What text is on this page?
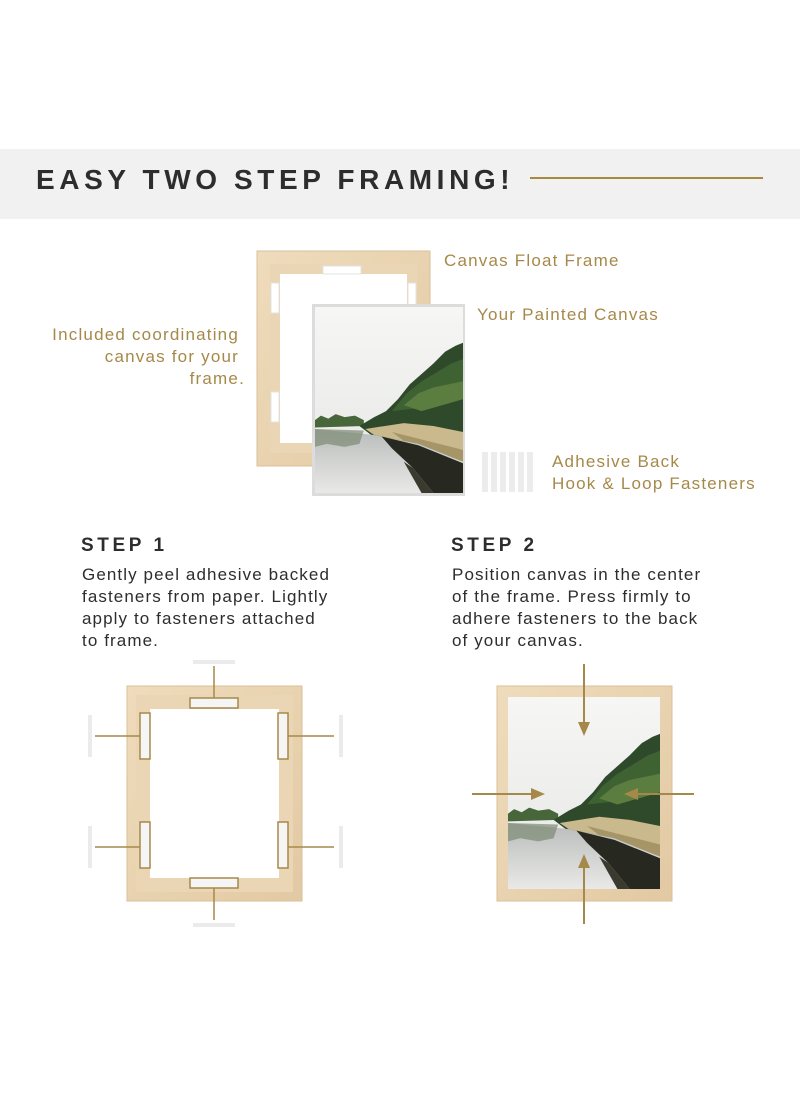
EASY TWO STEP FRAMING!
Canvas Float Frame
Your Painted Canvas
Included coordinating
canvas for your
frame.
Adhesive Back
Hook & Loop Fasteners
STEP 1
Gently peel adhesive backed
fasteners from paper. Lightly
apply to fasteners attached
to frame.
STEP 2
Position canvas in the center
of the frame. Press firmly to
adhere fasteners to the back
of your canvas.
